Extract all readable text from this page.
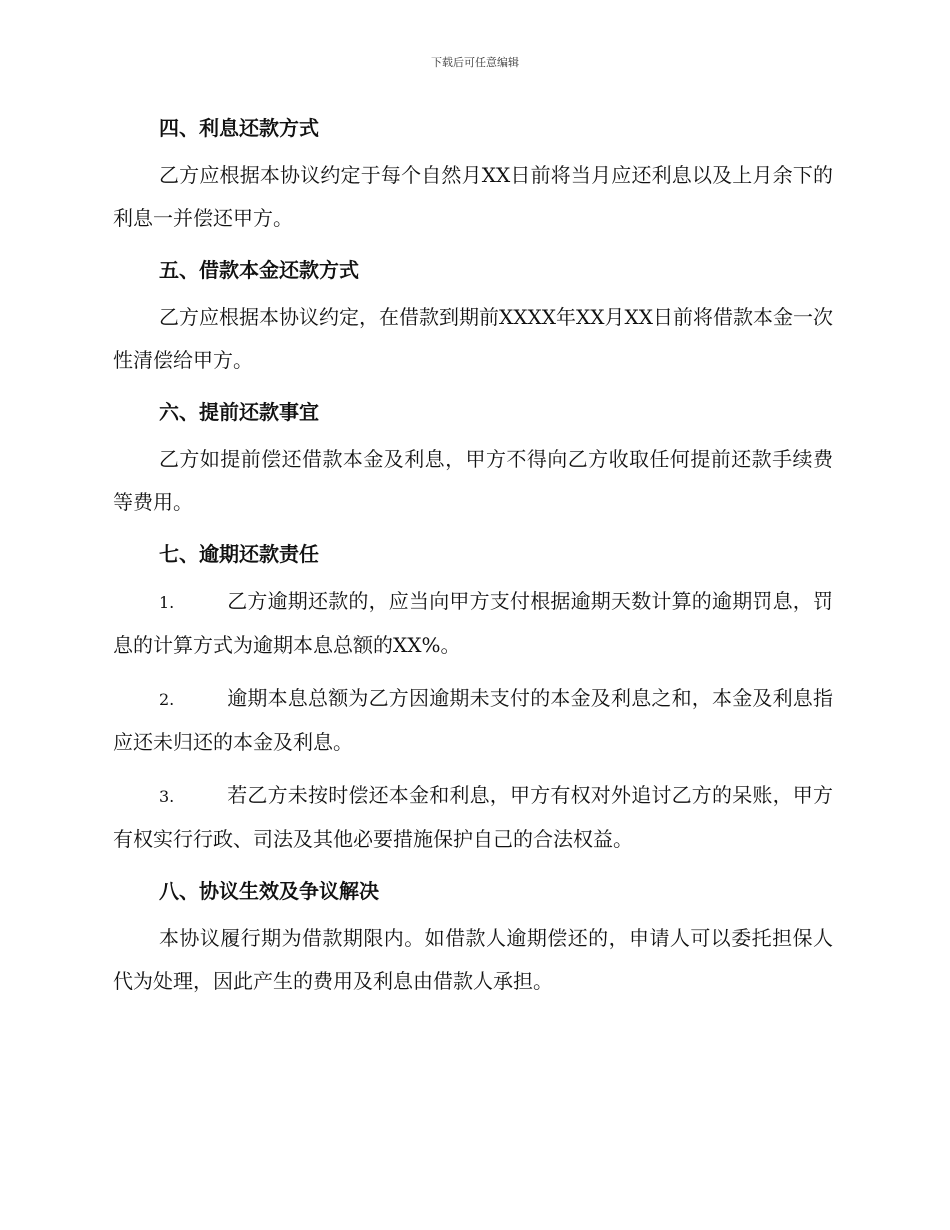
下载后可任意编辑
四、利息还款方式

乙方应根据本协议约定于每个自然月XX日前将当月应还利息以及上月余下的利息一并偿还甲方。

五、借款本金还款方式

乙方应根据本协议约定，在借款到期前XXXX年XX月XX日前将借款本金一次性清偿给甲方。

六、提前还款事宜

乙方如提前偿还借款本金及利息，甲方不得向乙方收取任何提前还款手续费等费用。

七、逾期还款责任

1.	乙方逾期还款的，应当向甲方支付根据逾期天数计算的逾期罚息，罚息的计算方式为逾期本息总额的XX%。

2.	逾期本息总额为乙方因逾期未支付的本金及利息之和，本金及利息指应还未归还的本金及利息。

3.	若乙方未按时偿还本金和利息，甲方有权对外追讨乙方的呆账，甲方有权实行行政、司法及其他必要措施保护自己的合法权益。

八、协议生效及争议解决

本协议履行期为借款期限内。如借款人逾期偿还的，申请人可以委托担保人代为处理，因此产生的费用及利息由借款人承担。
